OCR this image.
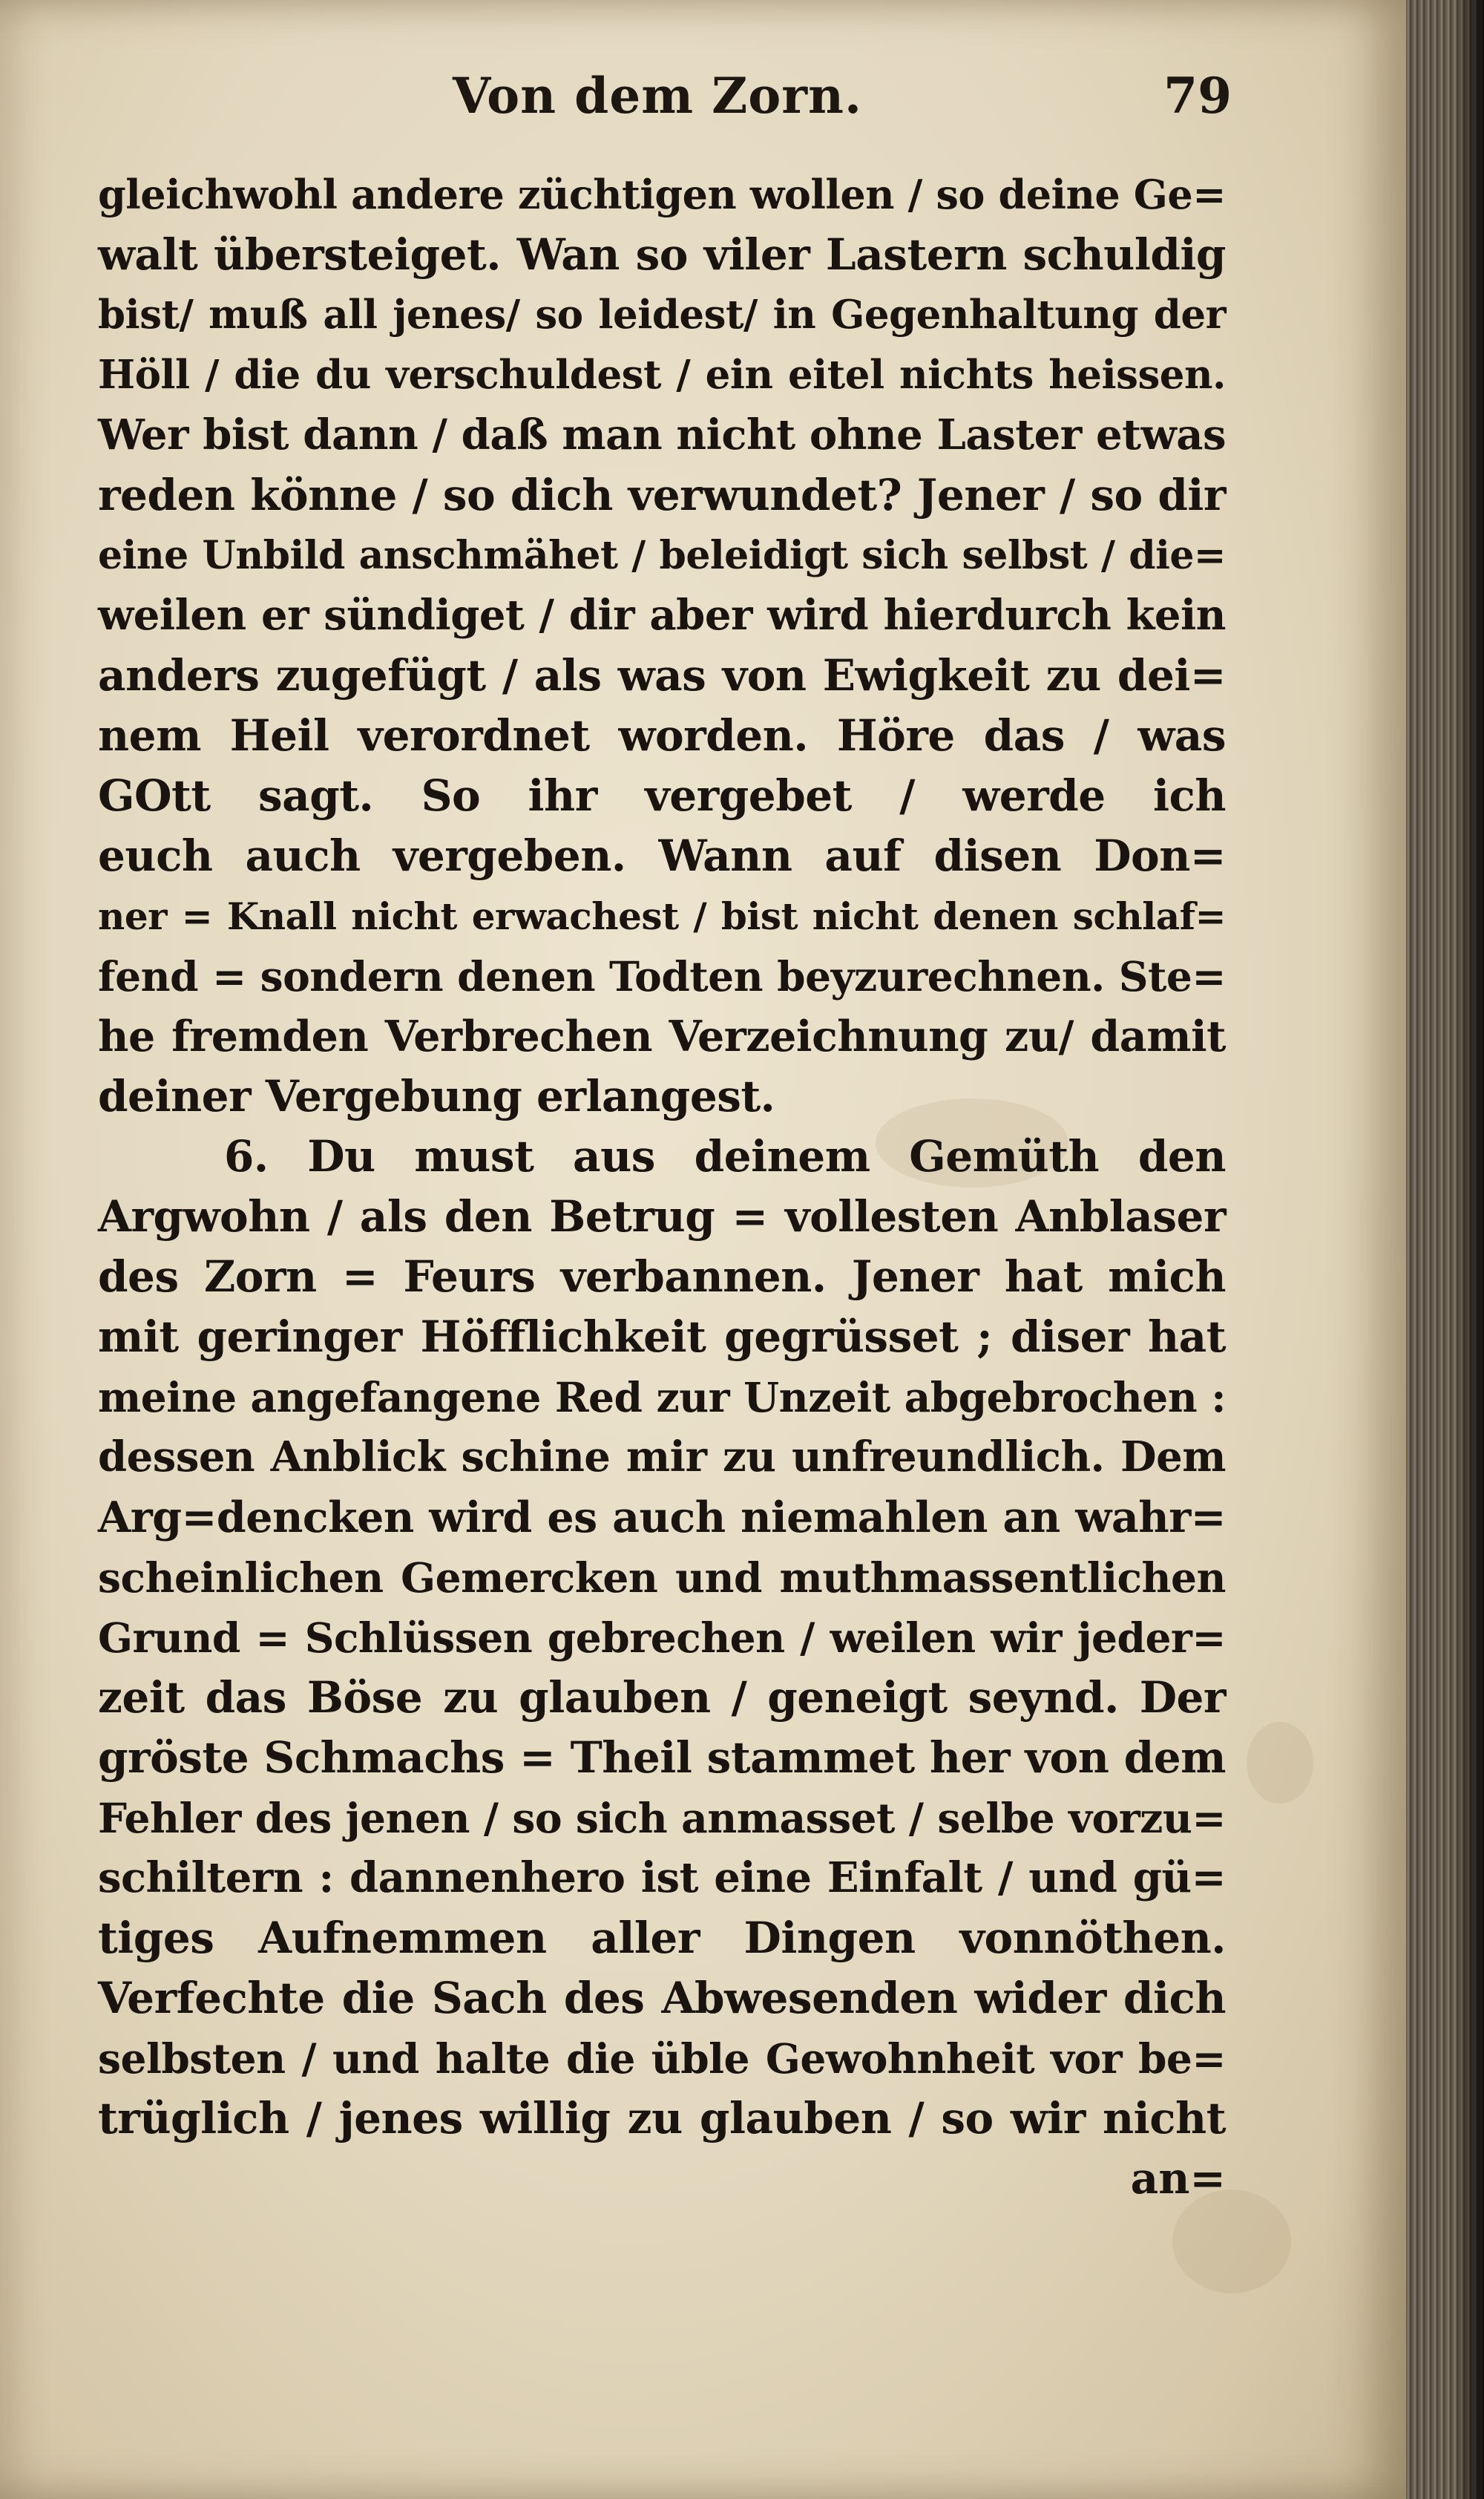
Von dem Zorn.	79
gleichwohl andere züchtigen wollen / so deine Ge=
walt übersteiget. Wan so viler Lastern schuldig
bist/ muß all jenes/ so leidest/ in Gegenhaltung der
Höll / die du verschuldest / ein eitel nichts heissen.
Wer bist dann / daß man nicht ohne Laster etwas
reden könne / so dich verwundet? Jener / so dir
eine Unbild anschmähet / beleidigt sich selbst / die=
weilen er sündiget / dir aber wird hierdurch kein
anders zugefügt / als was von Ewigkeit zu dei=
nem Heil verordnet worden. Höre das / was
GOtt sagt. So ihr vergebet / werde ich
euch auch vergeben. Wann auf disen Don=
ner = Knall nicht erwachest / bist nicht denen schlaf=
fend = sondern denen Todten beyzurechnen. Ste=
he fremden Verbrechen Verzeichnung zu/ damit
deiner Vergebung erlangest.
6. Du must aus deinem Gemüth den
Argwohn / als den Betrug = vollesten Anblaser
des Zorn = Feurs verbannen. Jener hat mich
mit geringer Höfflichkeit gegrüsset ; diser hat
meine angefangene Red zur Unzeit abgebrochen :
dessen Anblick schine mir zu unfreundlich. Dem
Arg=dencken wird es auch niemahlen an wahr=
scheinlichen Gemercken und muthmassentlichen
Grund = Schlüssen gebrechen / weilen wir jeder=
zeit das Böse zu glauben / geneigt seynd. Der
gröste Schmachs = Theil stammet her von dem
Fehler des jenen / so sich anmasset / selbe vorzu=
schiltern : dannenhero ist eine Einfalt / und gü=
tiges Aufnemmen aller Dingen vonnöthen.
Verfechte die Sach des Abwesenden wider dich
selbsten / und halte die üble Gewohnheit vor be=
trüglich / jenes willig zu glauben / so wir nicht
an=
